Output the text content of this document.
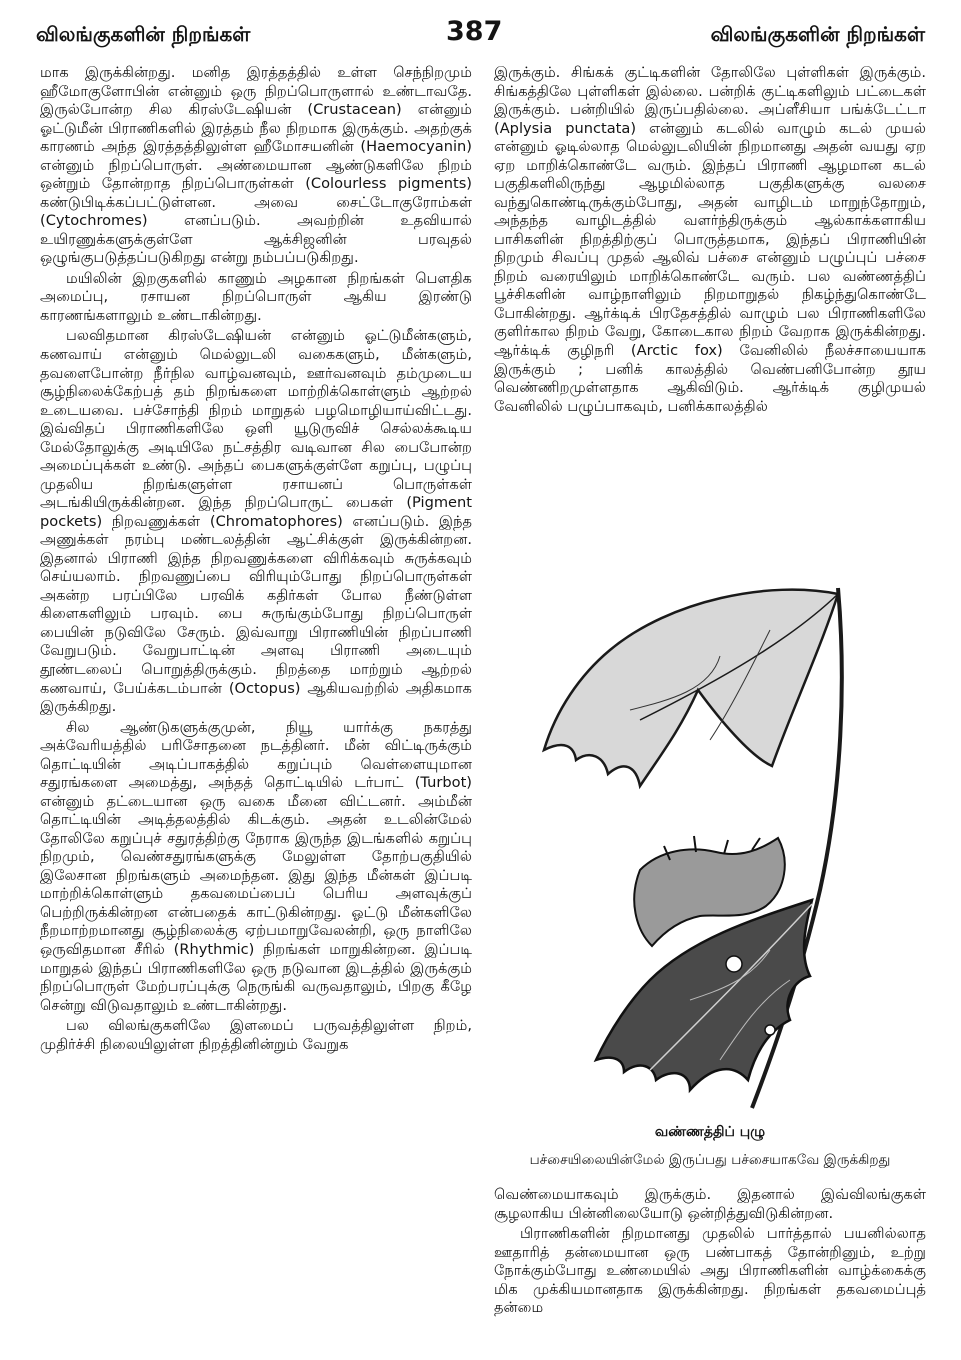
விலங்குகளின் நிறங்கள்	387	விலங்குகளின் நிறங்கள்

மாக இருக்கின்றது. மனித இரத்தத்தில் உள்ள செந்நிறமும் ஹீமோகுளோபின் என்னும் ஒரு நிறப்பொருளால் உண்டாவதே. இருல்போன்ற சில கிரஸ்டேஷியன் (Crustacean) என்னும் ஓட்டுமீன் பிராணிகளில் இரத்தம் நீல நிறமாக இருக்கும். அதற்குக் காரணம் அந்த இரத்தத்திலுள்ள ஹீமோசயனின் (Haemocyanin) என்னும் நிறப்பொருள். அண்மையான ஆண்டுகளிலே நிறம் ஒன்றும் தோன்றாத நிறப்பொருள்கள் (Colourless pigments) கண்டுபிடிக்கப்பட்டுள்ளன. அவை சைட்டோகுரோம்கள் (Cytochromes) எனப்படும். அவற்றின் உதவியால் உயிரணுக்களுக்குள்ளே ஆக்சிஜனின் பரவுதல் ஒழுங்குபடுத்தப்படுகிறது என்று நம்பப்படுகிறது.

மயிலின் இறகுகளில் காணும் அழகான நிறங்கள் பௌதிக அமைப்பு, ரசாயன நிறப்பொருள் ஆகிய இரண்டு காரணங்களாலும் உண்டாகின்றது.

பலவிதமான கிரஸ்டேஷியன் என்னும் ஓட்டுமீன்களும், கணவாய் என்னும் மெல்லுடலி வகைகளும், மீன்களும், தவளைபோன்ற நீர்நில வாழ்வனவும், ஊர்வனவும் தம்முடைய சூழ்நிலைக்கேற்பத் தம் நிறங்களை மாற்றிக்கொள்ளும் ஆற்றல் உடையவை. பச்சோந்தி நிறம் மாறுதல் பழமொழியாய்விட்டது. இவ்விதப் பிராணிகளிலே ஒளி யூடுருவிச் செல்லக்கூடிய மேல்தோலுக்கு அடியிலே நட்சத்திர வடிவான சில பைபோன்ற அமைப்புக்கள் உண்டு. அந்தப் பைகளுக்குள்ளே கறுப்பு, பழுப்பு முதலிய நிறங்களுள்ள ரசாயனப் பொருள்கள் அடங்கியிருக்கின்றன. இந்த நிறப்பொருட் பைகள் (Pigment pockets) நிறவணுக்கள் (Chromatophores) எனப்படும். இந்த அணுக்கள் நரம்பு மண்டலத்தின் ஆட்சிக்குள் இருக்கின்றன. இதனால் பிராணி இந்த நிறவணுக்களை விரிக்கவும் சுருக்கவும் செய்யலாம். நிறவணுப்பை விரியும்போது நிறப்பொருள்கள் அகன்ற பரப்பிலே பரவிக் கதிர்கள் போல நீண்டுள்ள கிளைகளிலும் பரவும். பை சுருங்கும்போது நிறப்பொருள் பையின் நடுவிலே சேரும். இவ்வாறு பிராணியின் நிறப்பாணி வேறுபடும். வேறுபாட்டின் அளவு பிராணி அடையும் தூண்டலைப் பொறுத்திருக்கும். நிறத்தை மாற்றும் ஆற்றல் கணவாய், பேய்க்கடம்பான் (Octopus) ஆகியவற்றில் அதிகமாக இருக்கிறது.

சில ஆண்டுகளுக்குமுன், நியூ யார்க்கு நகரத்து அக்வேரியத்தில் பரிசோதனை நடத்தினர். மீன் விட்டிருக்கும் தொட்டியின் அடிப்பாகத்தில் கறுப்பும் வெள்ளையுமான சதுரங்களை அமைத்து, அந்தத் தொட்டியில் டர்பாட் (Turbot) என்னும் தட்டையான ஒரு வகை மீனை விட்டனர். அம்மீன் தொட்டியின் அடித்தலத்தில் கிடக்கும். அதன் உடலின்மேல் தோலிலே கறுப்புச் சதுரத்திற்கு நேராக இருந்த இடங்களில் கறுப்பு நிறமும், வெண்சதுரங்களுக்கு மேலுள்ள தோற்பகுதியில் இலேசான நிறங்களும் அமைந்தன. இது இந்த மீன்கள் இப்படி மாற்றிக்கொள்ளும் தகவமைப்பைப் பெரிய அளவுக்குப் பெற்றிருக்கின்றன என்பதைக் காட்டுகின்றது. ஓட்டு மீன்களிலே நீறமாற்றமானது சூழ்நிலைக்கு ஏற்பமாறுவேலன்றி, ஒரு நாளிலே ஒருவிதமான சீரில் (Rhythmic) நிறங்கள் மாறுகின்றன. இப்படி மாறுதல் இந்தப் பிராணிகளிலே ஒரு நடுவான இடத்தில் இருக்கும் நிறப்பொருள் மேற்பரப்புக்கு நெருங்கி வருவதாலும், பிறகு கீழே சென்று விடுவதாலும் உண்டாகின்றது.

பல விலங்குகளிலே இளமைப் பருவத்திலுள்ள நிறம், முதிர்ச்சி நிலையிலுள்ள நிறத்தினின்றும் வேறுக

இருக்கும். சிங்கக் குட்டிகளின் தோலிலே புள்ளிகள் இருக்கும். சிங்கத்திலே புள்ளிகள் இல்லை. பன்றிக் குட்டிகளிலும் பட்டைகள் இருக்கும். பன்றியில் இருப்பதில்லை. அப்ளீசியா பங்க்டேட்டா (Aplysia punctata) என்னும் கடலில் வாழும் கடல் முயல் என்னும் ஓடில்லாத மெல்லுடலியின் நிறமானது அதன் வயது ஏற ஏற மாறிக்கொண்டே வரும். இந்தப் பிராணி ஆழமான கடல் பகுதிகளிலிருந்து ஆழமில்லாத பகுதிகளுக்கு வலசை வந்துகொண்டிருக்கும்போது, அதன் வாழிடம் மாறுந்தோறும், அந்தந்த வாழிடத்தில் வளர்ந்திருக்கும் ஆல்காக்களாகிய பாசிகளின் நிறத்திற்குப் பொருத்தமாக, இந்தப் பிராணியின் நிறமும் சிவப்பு முதல் ஆலிவ் பச்சை என்னும் பழுப்புப் பச்சை நிறம் வரையிலும் மாறிக்கொண்டே வரும். பல வண்ணத்திப் பூச்சிகளின் வாழ்நாளிலும் நிறமாறுதல் நிகழ்ந்துகொண்டே போகின்றது. ஆர்க்டிக் பிரதேசத்தில் வாழும் பல பிராணிகளிலே குளிர்கால நிறம் வேறு, கோடைகால நிறம் வேறாக இருக்கின்றது. ஆர்க்டிக் குழிநரி (Arctic fox) வேனிலில் நீலச்சாயையாக இருக்கும் ; பனிக் காலத்தில் வெண்பனிபோன்ற தூய வெண்ணிறமுள்ளதாக ஆகிவிடும். ஆர்க்டிக் குழிமுயல் வேனிலில் பழுப்பாகவும், பனிக்காலத்தில்

வண்ணத்திப் புழு
பச்சையிலையின்மேல் இருப்பது பச்சையாகவே இருக்கிறது

வெண்மையாகவும் இருக்கும். இதனால் இவ்விலங்குகள் சூழலாகிய பின்னிலையோடு ஒன்றித்துவிடுகின்றன.

பிராணிகளின் நிறமானது முதலில் பார்த்தால் பயனில்லாத ஊதாரித் தன்மையான ஒரு பண்பாகத் தோன்றினும், உற்று நோக்கும்போது உண்மையில் அது பிராணிகளின் வாழ்க்கைக்கு மிக முக்கியமானதாக இருக்கின்றது. நிறங்கள் தகவமைப்புத் தன்மை
